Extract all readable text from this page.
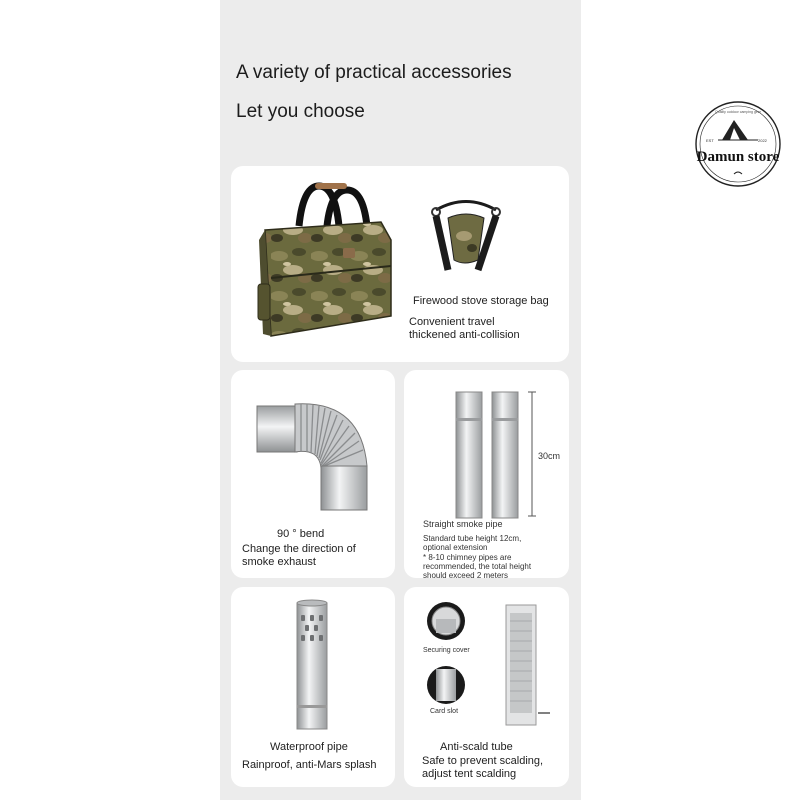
A variety of practical accessories
Let you choose
Firewood stove storage bag
Convenient travel
thickened anti-collision
90 ° bend
Change the direction of
smoke exhaust
30cm
Straight smoke pipe
Standard tube height 12cm,
optional extension
* 8-10 chimney pipes are
recommended, the total height
should exceed 2 meters
Waterproof pipe
Rainproof, anti-Mars splash
Securing cover
Card slot
Anti-scald tube
Safe to prevent scalding,
adjust tent scalding
Damun store
EST	2022
Quality outdoor camping gear
